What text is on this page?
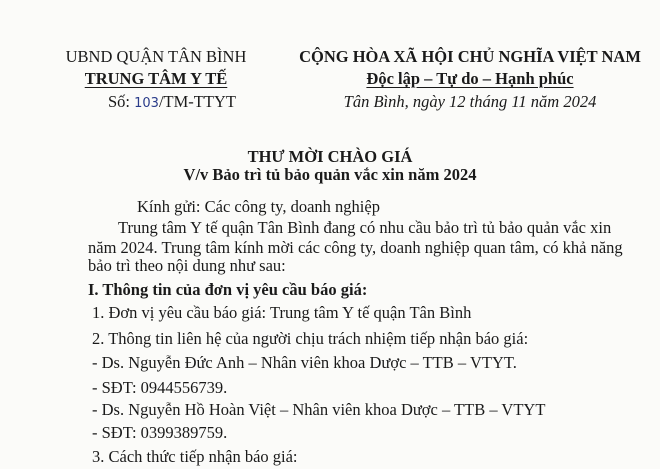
UBND QUẬN TÂN BÌNH
TRUNG TÂM Y TẾ
Số: 103/TM-TTYT
CỘNG HÒA XÃ HỘI CHỦ NGHĨA VIỆT NAM
Độc lập – Tự do – Hạnh phúc
Tân Bình, ngày 12 tháng 11 năm 2024
THƯ MỜI CHÀO GIÁ
V/v Bảo trì tủ bảo quản vắc xin năm 2024
Kính gửi: Các công ty, doanh nghiệp
Trung tâm Y tế quận Tân Bình đang có nhu cầu bảo trì tủ bảo quản vắc xin
năm 2024. Trung tâm kính mời các công ty, doanh nghiệp quan tâm, có khả năng
bảo trì theo nội dung như sau:
I. Thông tin của đơn vị yêu cầu báo giá:
1. Đơn vị yêu cầu báo giá: Trung tâm Y tế quận Tân Bình
2. Thông tin liên hệ của người chịu trách nhiệm tiếp nhận báo giá:
- Ds. Nguyễn Đức Anh – Nhân viên khoa Dược – TTB – VTYT.
- SĐT: 0944556739.
- Ds. Nguyễn Hồ Hoàn Việt – Nhân viên khoa Dược – TTB – VTYT
- SĐT: 0399389759.
3. Cách thức tiếp nhận báo giá:
